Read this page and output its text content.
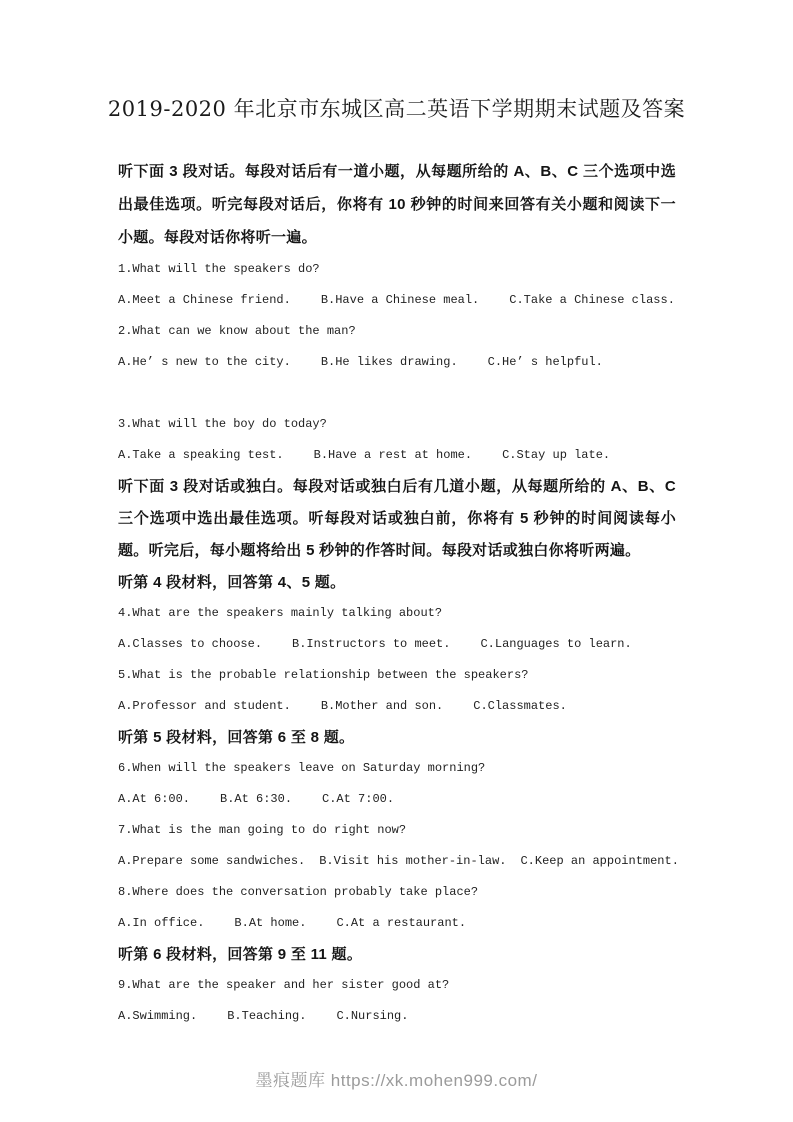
2019-2020 年北京市东城区高二英语下学期期末试题及答案
听下面 3 段对话。每段对话后有一道小题，从每题所给的 A、B、C 三个选项中选出最佳选项。听完每段对话后，你将有 10 秒钟的时间来回答有关小题和阅读下一小题。每段对话你将听一遍。
1.What will the speakers do?
A.Meet a Chinese friend.	B.Have a Chinese meal.	C.Take a Chinese class.
2.What can we know about the man?
A.He’ s new to the city.	B.He likes drawing.	C.He’ s helpful.
3.What will the boy do today?
A.Take a speaking test.	B.Have a rest at home.	C.Stay up late.
听下面 3 段对话或独白。每段对话或独白后有几道小题，从每题所给的 A、B、C 三个选项中选出最佳选项。听每段对话或独白前，你将有 5 秒钟的时间阅读每小题。听完后，每小题将给出 5 秒钟的作答时间。每段对话或独白你将听两遍。
听第 4 段材料，回答第 4、5 题。
4.What are the speakers mainly talking about?
A.Classes to choose.	B.Instructors to meet.	C.Languages to learn.
5.What is the probable relationship between the speakers?
A.Professor and student.	B.Mother and son.	C.Classmates.
听第 5 段材料，回答第 6 至 8 题。
6.When will the speakers leave on Saturday morning?
A.At 6:00.	B.At 6:30.	C.At 7:00.
7.What is the man going to do right now?
A.Prepare some sandwiches. B.Visit his mother-in-law. C.Keep an appointment.
8.Where does the conversation probably take place?
A.In office.	B.At home.	C.At a restaurant.
听第 6 段材料，回答第 9 至 11 题。
9.What are the speaker and her sister good at?
A.Swimming.	B.Teaching.	C.Nursing.
墨痕题库 https://xk.mohen999.com/
